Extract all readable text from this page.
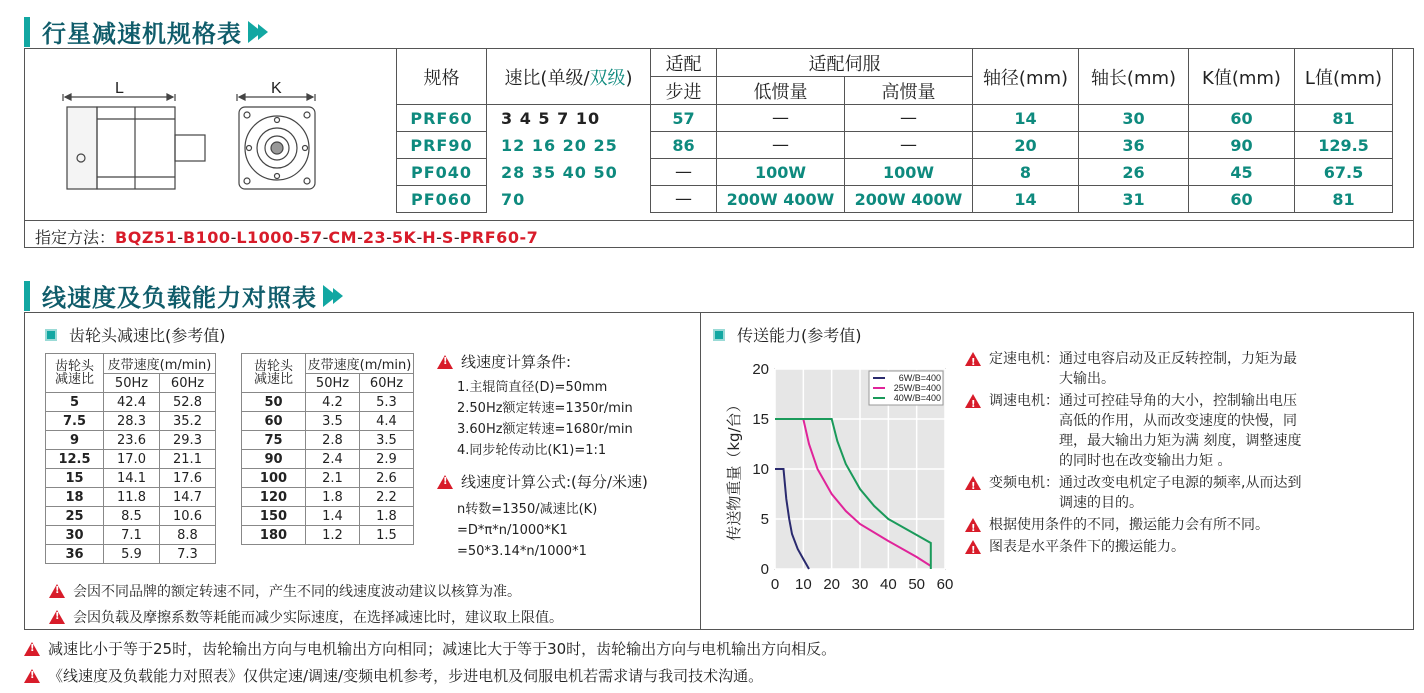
行星减速机规格表
L	K	规格	速比(单级/双级)	适配	适配伺服		轴径(mm)	轴长(mm)	K值(mm)	L值(mm)
		步进	低惯量	高惯量				
PRF60	3 4 5 7 10	57	—	—	14	30	60	81
PRF90	12 16 20 25	86	—	—	20	36	90	129.5
PF040	28 35 40 50	—	100W	100W	8	26	45	67.5
PF060	70	—	200W 400W	200W 400W	14	31	60	81
指定方法：BQZ51-B100-L1000-57-CM-23-5K-H-S-PRF60-7
线速度及负载能力对照表
齿轮头减速比(参考值)
齿轮头
减速比	皮带速度(m/min)	
	50Hz	60Hz
5	42.4	52.8
7.5	28.3	35.2
9	23.6	29.3
12.5	17.0	21.1
15	14.1	17.6
18	11.8	14.7
25	8.5	10.6
30	7.1	8.8
36	5.9	7.3
齿轮头
减速比	皮带速度(m/min)	
	50Hz	60Hz
50	4.2	5.3
60	3.5	4.4
75	2.8	3.5
90	2.4	2.9
100	2.1	2.6
120	1.8	2.2
150	1.4	1.8
180	1.2	1.5
!
线速度计算条件:
1.主辊筒直径(D)=50mm
2.50Hz额定转速=1350r/min
3.60Hz额定转速=1680r/min
4.同步轮传动比(K1)=1:1
!
线速度计算公式:(每分/米速)
n转数=1350/减速比(K)
=D*π*n/1000*K1
=50*3.14*n/1000*1
!
会因不同品牌的额定转速不同，产生不同的线速度波动建议以核算为准。
!
会因负载及摩擦系数等耗能而减少实际速度，在选择减速比时，建议取上限值。
传送能力(参考值)
0 10 20 30 40 50 60
0
5
10
15
20
传送物重量（kg/台）
6W/B=400
25W/B=400
40W/B=400
!
定速电机： 通过电容启动及正反转控制，力矩为最
大输出。
!
调速电机： 通过可控硅导角的大小，控制输出电压
高低的作用，从而改变速度的快慢，同
理，最大输出力矩为满 刻度，调整速度
的同时也在改变输出力矩 。
!
变频电机： 通过改变电机定子电源的频率,从而达到
调速的目的。
!
根据使用条件的不同，搬运能力会有所不同。
!
图表是水平条件下的搬运能力。
!
减速比小于等于25时，齿轮输出方向与电机输出方向相同；减速比大于等于30时，齿轮输出方向与电机输出方向相反。
!
《线速度及负载能力对照表》仅供定速/调速/变频电机参考，步进电机及伺服电机若需求请与我司技术沟通。
